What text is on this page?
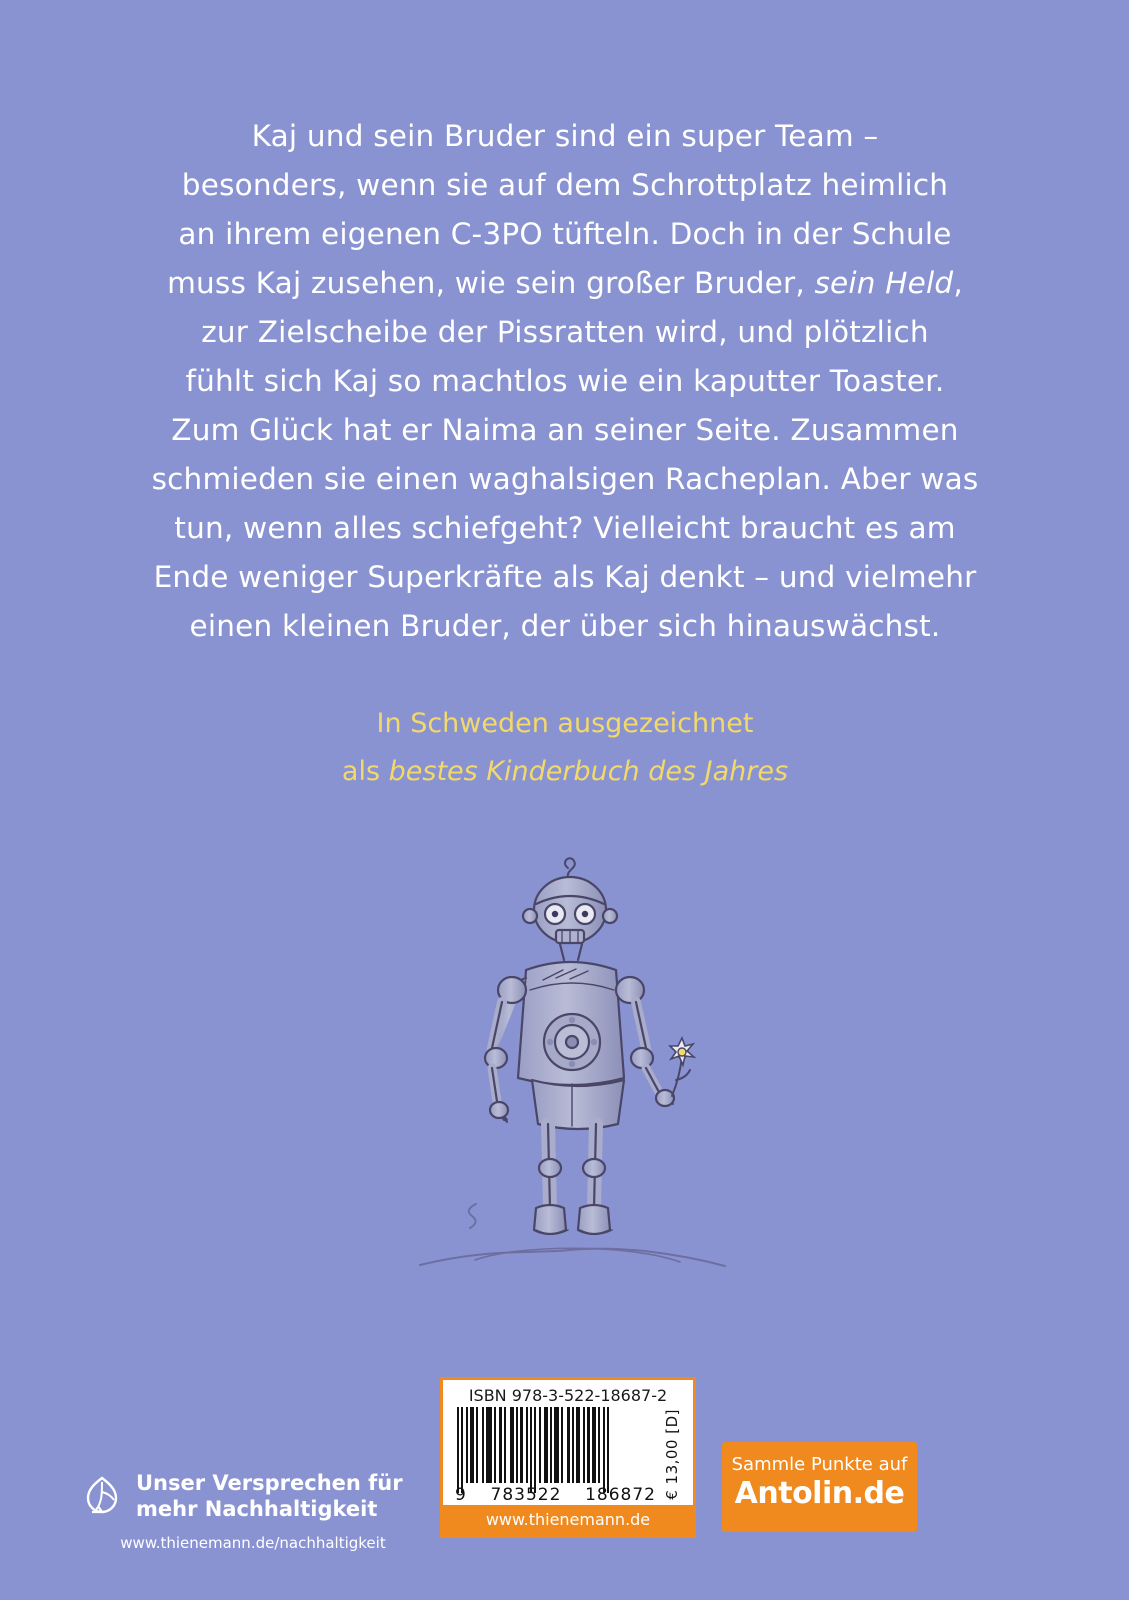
Kaj und sein Bruder sind ein super Team –
besonders, wenn sie auf dem Schrottplatz heimlich
an ihrem eigenen C-3PO tüfteln. Doch in der Schule
muss Kaj zusehen, wie sein großer Bruder, sein Held,
zur Zielscheibe der Pissratten wird, und plötzlich
fühlt sich Kaj so machtlos wie ein kaputter Toaster.
Zum Glück hat er Naima an seiner Seite. Zusammen
schmieden sie einen waghalsigen Racheplan. Aber was
tun, wenn alles schiefgeht? Vielleicht braucht es am
Ende weniger Superkräfte als Kaj denkt – und vielmehr
einen kleinen Bruder, der über sich hinauswächst.
In Schweden ausgezeichnet
als bestes Kinderbuch des Jahres
Unser Versprechen für
mehr Nachhaltigkeit
www.thienemann.de/nachhaltigkeit
ISBN 978-3-522-18687-2
9 783522 186872 € 13,00 [D]
www.thienemann.de
Sammle Punkte auf
Antolin.de
